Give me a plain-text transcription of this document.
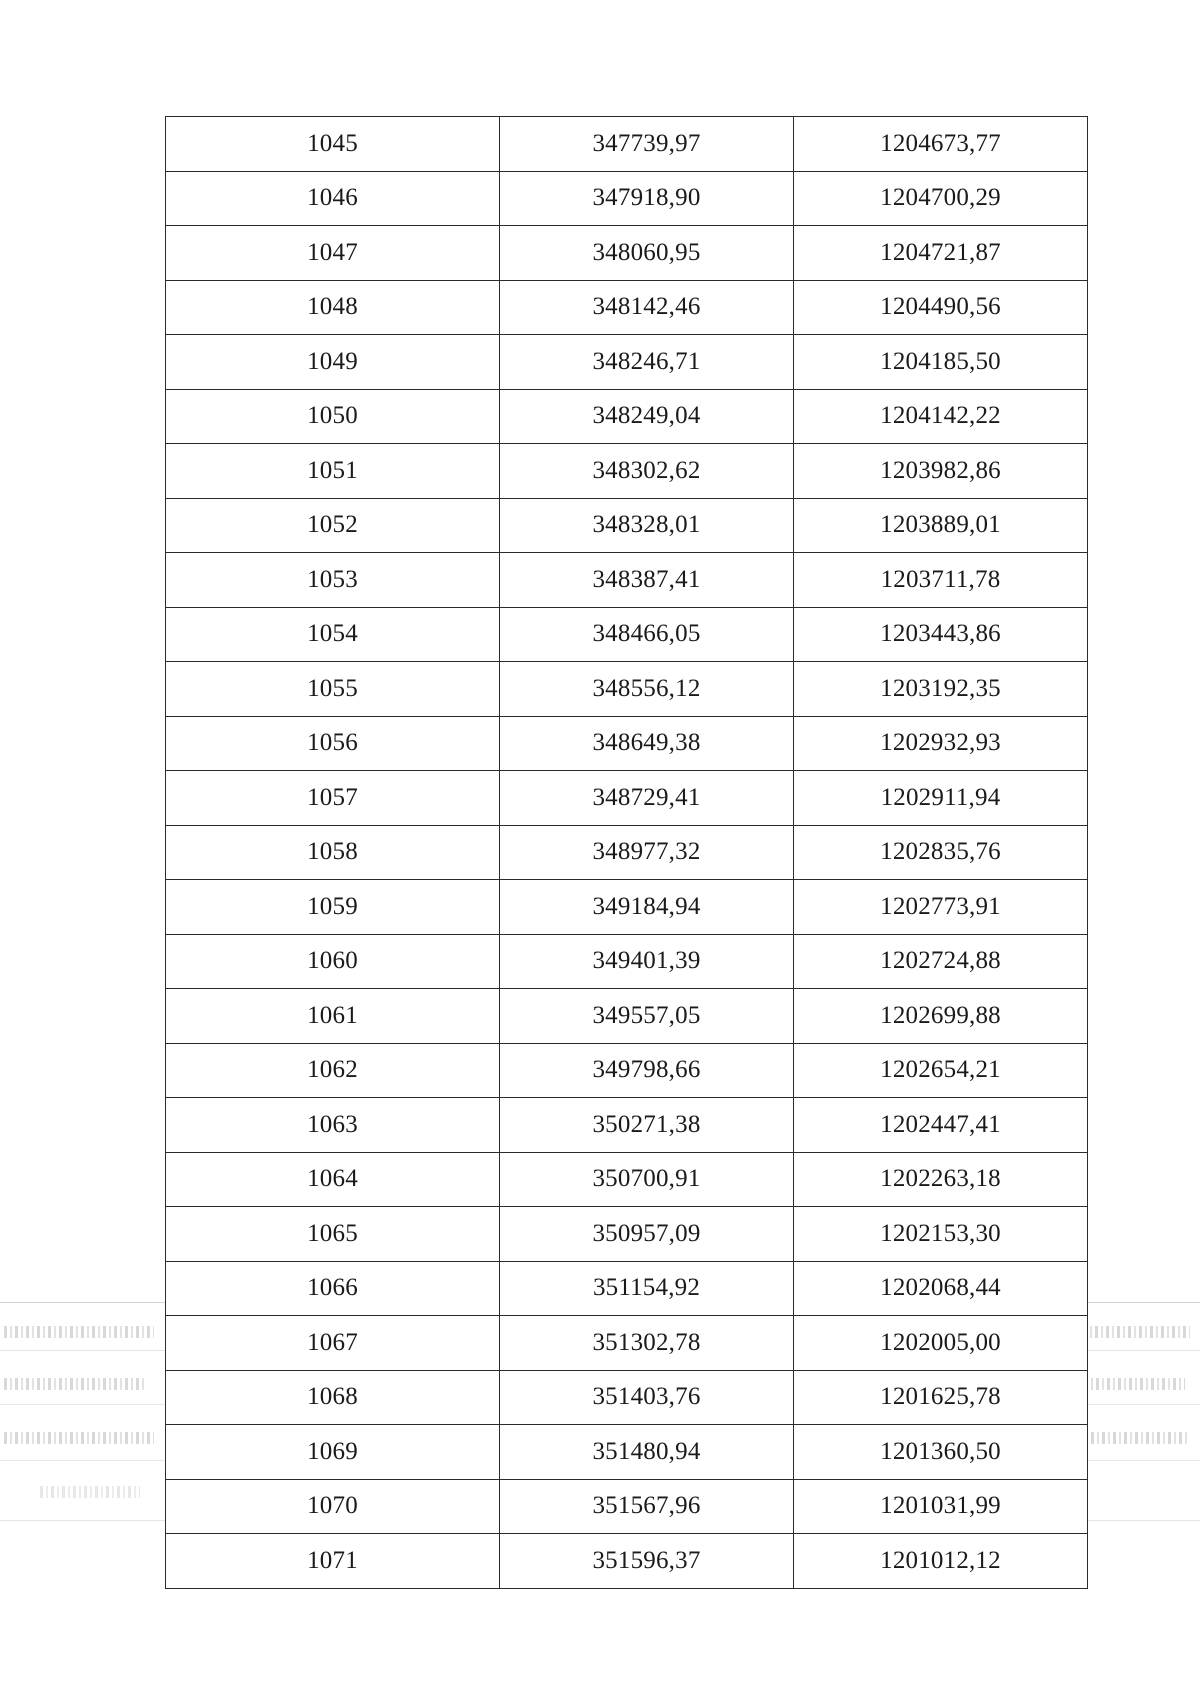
1045	347739,97	1204673,77
1046	347918,90	1204700,29
1047	348060,95	1204721,87
1048	348142,46	1204490,56
1049	348246,71	1204185,50
1050	348249,04	1204142,22
1051	348302,62	1203982,86
1052	348328,01	1203889,01
1053	348387,41	1203711,78
1054	348466,05	1203443,86
1055	348556,12	1203192,35
1056	348649,38	1202932,93
1057	348729,41	1202911,94
1058	348977,32	1202835,76
1059	349184,94	1202773,91
1060	349401,39	1202724,88
1061	349557,05	1202699,88
1062	349798,66	1202654,21
1063	350271,38	1202447,41
1064	350700,91	1202263,18
1065	350957,09	1202153,30
1066	351154,92	1202068,44
1067	351302,78	1202005,00
1068	351403,76	1201625,78
1069	351480,94	1201360,50
1070	351567,96	1201031,99
1071	351596,37	1201012,12
